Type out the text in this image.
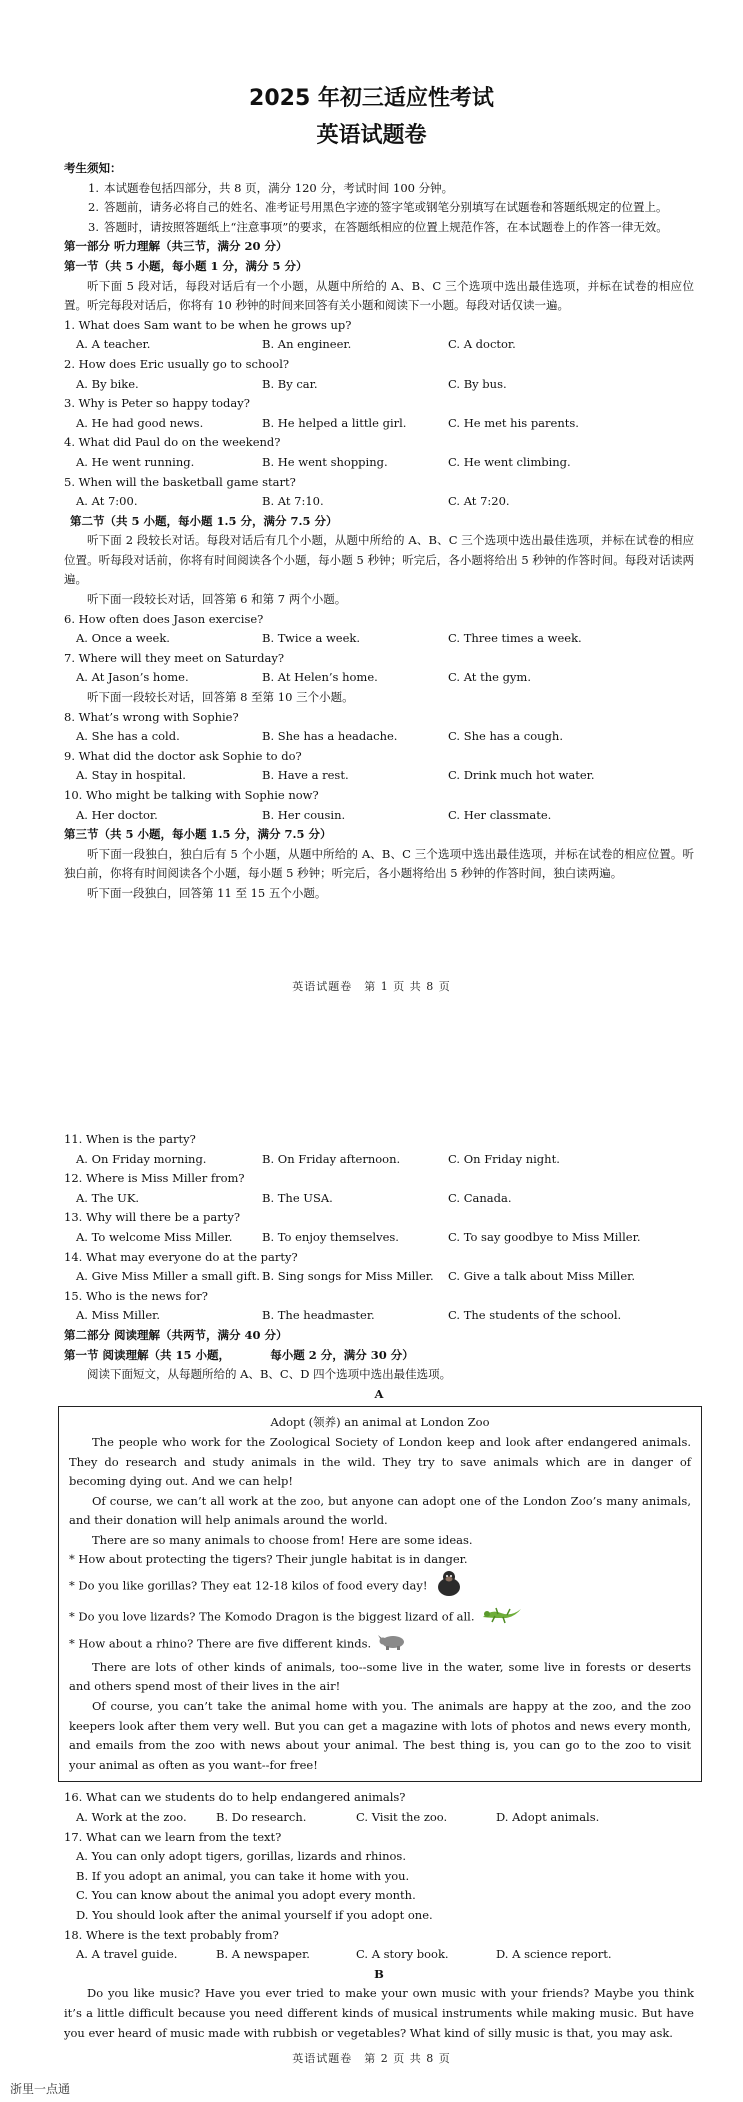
2025 年初三适应性考试
英语试题卷
考生须知：
1. 本试题卷包括四部分，共 8 页，满分 120 分，考试时间 100 分钟。
2. 答题前，请务必将自己的姓名、准考证号用黑色字迹的签字笔或钢笔分别填写在试题卷和答题纸规定的位置上。
3. 答题时，请按照答题纸上“注意事项”的要求，在答题纸相应的位置上规范作答，在本试题卷上的作答一律无效。
第一部分 听力理解（共三节，满分 20 分）
第一节（共 5 小题，每小题 1 分，满分 5 分）
听下面 5 段对话，每段对话后有一个小题，从题中所给的 A、B、C 三个选项中选出最佳选项，并标在试卷的相应位置。听完每段对话后，你将有 10 秒钟的时间来回答有关小题和阅读下一小题。每段对话仅读一遍。
1. What does Sam want to be when he grows up?
A. A teacher.	B. An engineer.	C. A doctor.
2. How does Eric usually go to school?
A. By bike.	B. By car.	C. By bus.
3. Why is Peter so happy today?
A. He had good news.	B. He helped a little girl.	C. He met his parents.
4. What did Paul do on the weekend?
A. He went running.	B. He went shopping.	C. He went climbing.
5. When will the basketball game start?
A. At 7:00.	B. At 7:10.	C. At 7:20.
第二节（共 5 小题，每小题 1.5 分，满分 7.5 分）
听下面 2 段较长对话。每段对话后有几个小题，从题中所给的 A、B、C 三个选项中选出最佳选项，并标在试卷的相应位置。听每段对话前，你将有时间阅读各个小题，每小题 5 秒钟；听完后，各小题将给出 5 秒钟的作答时间。每段对话读两遍。
听下面一段较长对话，回答第 6 和第 7 两个小题。
6. How often does Jason exercise?
A. Once a week.	B. Twice a week.	C. Three times a week.
7. Where will they meet on Saturday?
A. At Jason’s home.	B. At Helen’s home.	C. At the gym.
听下面一段较长对话，回答第 8 至第 10 三个小题。
8. What’s wrong with Sophie?
A. She has a cold.	B. She has a headache.	C. She has a cough.
9. What did the doctor ask Sophie to do?
A. Stay in hospital.	B. Have a rest.	C. Drink much hot water.
10. Who might be talking with Sophie now?
A. Her doctor.	B. Her cousin.	C. Her classmate.
第三节（共 5 小题，每小题 1.5 分，满分 7.5 分）
听下面一段独白，独白后有 5 个小题，从题中所给的 A、B、C 三个选项中选出最佳选项，并标在试卷的相应位置。听独白前，你将有时间阅读各个小题，每小题 5 秒钟；听完后，各小题将给出 5 秒钟的作答时间，独白读两遍。
听下面一段独白，回答第 11 至 15 五个小题。
英语试题卷　第 1 页 共 8 页
11. When is the party?
A. On Friday morning.	B. On Friday afternoon.	C. On Friday night.
12. Where is Miss Miller from?
A. The UK.	B. The USA.	C. Canada.
13. Why will there be a party?
A. To welcome Miss Miller.	B. To enjoy themselves.	C. To say goodbye to Miss Miller.
14. What may everyone do at the party?
A. Give Miss Miller a small gift. B. Sing songs for Miss Miller.	C. Give a talk about Miss Miller.
15. Who is the news for?
A. Miss Miller.	B. The headmaster.	C. The students of the school.
第二部分 阅读理解（共两节，满分 40 分）
第一节 阅读理解（共 15 小题，　　　　每小题 2 分，满分 30 分）
阅读下面短文，从每题所给的 A、B、C、D 四个选项中选出最佳选项。
A
Adopt (领养) an animal at London Zoo
The people who work for the Zoological Society of London keep and look after endangered animals. They do research and study animals in the wild. They try to save animals which are in danger of becoming dying out. And we can help!
Of course, we can’t all work at the zoo, but anyone can adopt one of the London Zoo’s many animals, and their donation will help animals around the world.
There are so many animals to choose from! Here are some ideas.
* How about protecting the tigers? Their jungle habitat is in danger.
* Do you like gorillas? They eat 12-18 kilos of food every day!
* Do you love lizards? The Komodo Dragon is the biggest lizard of all.
* How about a rhino? There are five different kinds.
There are lots of other kinds of animals, too--some live in the water, some live in forests or deserts and others spend most of their lives in the air!
Of course, you can’t take the animal home with you. The animals are happy at the zoo, and the zoo keepers look after them very well. But you can get a magazine with lots of photos and news every month, and emails from the zoo with news about your animal. The best thing is, you can go to the zoo to visit your animal as often as you want--for free!
16. What can we students do to help endangered animals?
A. Work at the zoo.	B. Do research.	C. Visit the zoo.	D. Adopt animals.
17. What can we learn from the text?
A. You can only adopt tigers, gorillas, lizards and rhinos.
B. If you adopt an animal, you can take it home with you.
C. You can know about the animal you adopt every month.
D. You should look after the animal yourself if you adopt one.
18. Where is the text probably from?
A. A travel guide.	B. A newspaper.	C. A story book.	D. A science report.
B
Do you like music? Have you ever tried to make your own music with your friends? Maybe you think it’s a little difficult because you need different kinds of musical instruments while making music. But have you ever heard of music made with rubbish or vegetables? What kind of silly music is that, you may ask.
英语试题卷　第 2 页 共 8 页
浙里一点通
